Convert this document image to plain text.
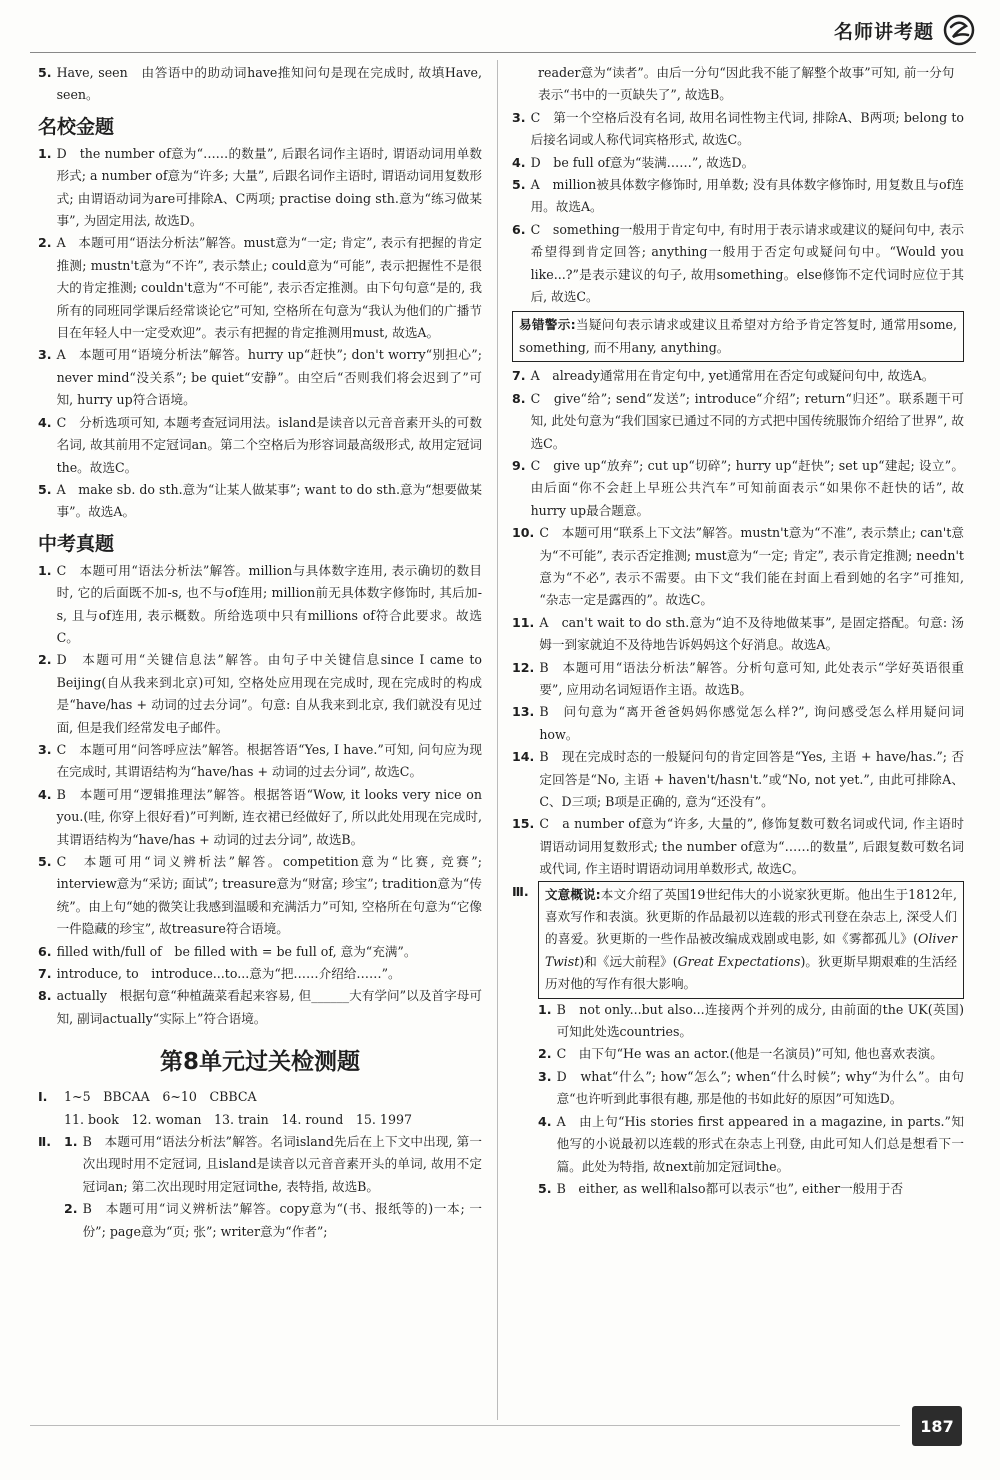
名师讲考题
5. Have, seen　由答语中的助动词have推知问句是现在完成时, 故填Have, seen。
名校金题
1. D　the number of意为“……的数量”, 后跟名词作主语时, 谓语动词用单数形式; a number of意为“许多; 大量”, 后跟名词作主语时, 谓语动词用复数形式; 由谓语动词为are可排除A、C两项; practise doing sth.意为“练习做某事”, 为固定用法, 故选D。
2. A　本题可用“语法分析法”解答。must意为“一定; 肯定”, 表示有把握的肯定推测; mustn't意为“不许”, 表示禁止; could意为“可能”, 表示把握性不是很大的肯定推测; couldn't意为“不可能”, 表示否定推测。由下句句意“是的, 我所有的同班同学课后经常谈论它”可知, 空格所在句意为“我认为他们的广播节目在年轻人中一定受欢迎”。表示有把握的肯定推测用must, 故选A。
3. A　本题可用“语境分析法”解答。hurry up“赶快”; don't worry“别担心”; never mind“没关系”; be quiet“安静”。由空后“否则我们将会迟到了”可知, hurry up符合语境。
4. C　分析选项可知, 本题考查冠词用法。island是读音以元音音素开头的可数名词, 故其前用不定冠词an。第二个空格后为形容词最高级形式, 故用定冠词the。故选C。
5. A　make sb. do sth.意为“让某人做某事”; want to do sth.意为“想要做某事”。故选A。
中考真题
1. C　本题可用“语法分析法”解答。million与具体数字连用, 表示确切的数目时, 它的后面既不加-s, 也不与of连用; million前无具体数字修饰时, 其后加-s, 且与of连用, 表示概数。所给选项中只有millions of符合此要求。故选C。
2. D　本题可用“关键信息法”解答。由句子中关键信息since I came to Beijing(自从我来到北京)可知, 空格处应用现在完成时, 现在完成时的构成是“have/has + 动词的过去分词”。句意: 自从我来到北京, 我们就没有见过面, 但是我们经常发电子邮件。
3. C　本题可用“问答呼应法”解答。根据答语“Yes, I have.”可知, 问句应为现在完成时, 其谓语结构为“have/has + 动词的过去分词”, 故选C。
4. B　本题可用“逻辑推理法”解答。根据答语“Wow, it looks very nice on you.(哇, 你穿上很好看)”可判断, 连衣裙已经做好了, 所以此处用现在完成时, 其谓语结构为“have/has + 动词的过去分词”, 故选B。
5. C　本题可用“词义辨析法”解答。competition意为“比赛, 竞赛”; interview意为“采访; 面试”; treasure意为“财富; 珍宝”; tradition意为“传统”。由上句“她的微笑让我感到温暖和充满活力”可知, 空格所在句意为“它像一件隐藏的珍宝”, 故treasure符合语境。
6. filled with/full of　be filled with = be full of, 意为“充满”。
7. introduce, to　introduce...to...意为“把……介绍给……”。
8. actually　根据句意“种植蔬菜看起来容易, 但______大有学问”以及首字母可知, 副词actually“实际上”符合语境。
第8单元过关检测题
Ⅰ.	1~5　BBCAA　6~10　CBBCA
11. book　12. woman　13. train　14. round　15. 1997
Ⅱ.	1. B　本题可用“语法分析法”解答。名词island先后在上下文中出现, 第一次出现时用不定冠词, 且island是读音以元音音素开头的单词, 故用不定冠词an; 第二次出现时用定冠词the, 表特指, 故选B。
2. B　本题可用“词义辨析法”解答。copy意为“(书、报纸等的)一本; 一份”; page意为“页; 张”; writer意为“作者”;
reader意为“读者”。由后一分句“因此我不能了解整个故事”可知, 前一分句表示“书中的一页缺失了”, 故选B。
3. C　第一个空格后没有名词, 故用名词性物主代词, 排除A、B两项; belong to后接名词或人称代词宾格形式, 故选C。
4. D　be full of意为“装满……”, 故选D。
5. A　million被具体数字修饰时, 用单数; 没有具体数字修饰时, 用复数且与of连用。故选A。
6. C　something一般用于肯定句中, 有时用于表示请求或建议的疑问句中, 表示希望得到肯定回答; anything一般用于否定句或疑问句中。“Would you like...?”是表示建议的句子, 故用something。else修饰不定代词时应位于其后, 故选C。
易错警示:当疑问句表示请求或建议且希望对方给予肯定答复时, 通常用some, something, 而不用any, anything。
7. A　already通常用在肯定句中, yet通常用在否定句或疑问句中, 故选A。
8. C　give“给”; send“发送”; introduce“介绍”; return“归还”。联系题干可知, 此处句意为“我们国家已通过不同的方式把中国传统服饰介绍给了世界”, 故选C。
9. C　give up“放弃”; cut up“切碎”; hurry up“赶快”; set up“建起; 设立”。由后面“你不会赶上早班公共汽车”可知前面表示“如果你不赶快的话”, 故hurry up最合题意。
10. C　本题可用“联系上下文法”解答。mustn't意为“不准”, 表示禁止; can't意为“不可能”, 表示否定推测; must意为“一定; 肯定”, 表示肯定推测; needn't意为“不必”, 表示不需要。由下文“我们能在封面上看到她的名字”可推知, “杂志一定是露西的”。故选C。
11. A　can't wait to do sth.意为“迫不及待地做某事”, 是固定搭配。句意: 汤姆一到家就迫不及待地告诉妈妈这个好消息。故选A。
12. B　本题可用“语法分析法”解答。分析句意可知, 此处表示“学好英语很重要”, 应用动名词短语作主语。故选B。
13. B　问句意为“离开爸爸妈妈你感觉怎么样?”, 询问感受怎么样用疑问词how。
14. B　现在完成时态的一般疑问句的肯定回答是“Yes, 主语 + have/has.”; 否定回答是“No, 主语 + haven't/hasn't.”或“No, not yet.”, 由此可排除A、C、D三项; B项是正确的, 意为“还没有”。
15. C　a number of意为“许多, 大量的”, 修饰复数可数名词或代词, 作主语时谓语动词用复数形式; the number of意为“……的数量”, 后跟复数可数名词或代词, 作主语时谓语动词用单数形式, 故选C。
Ⅲ.	文意概说:本文介绍了英国19世纪伟大的小说家狄更斯。他出生于1812年, 喜欢写作和表演。狄更斯的作品最初以连载的形式刊登在杂志上, 深受人们的喜爱。狄更斯的一些作品被改编成戏剧或电影, 如《雾都孤儿》(Oliver Twist)和《远大前程》(Great Expectations)。狄更斯早期艰难的生活经历对他的写作有很大影响。
1. B　not only...but also...连接两个并列的成分, 由前面的the UK(英国)可知此处选countries。
2. C　由下句“He was an actor.(他是一名演员)”可知, 他也喜欢表演。
3. D　what“什么”; how“怎么”; when“什么时候”; why“为什么”。由句意“也许听到此事很有趣, 那是他的书如此好的原因”可知选D。
4. A　由上句“His stories first appeared in a magazine, in parts.”知他写的小说最初以连载的形式在杂志上刊登, 由此可知人们总是想看下一篇。此处为特指, 故next前加定冠词the。
5. B　either, as well和also都可以表示“也”, either一般用于否
187
